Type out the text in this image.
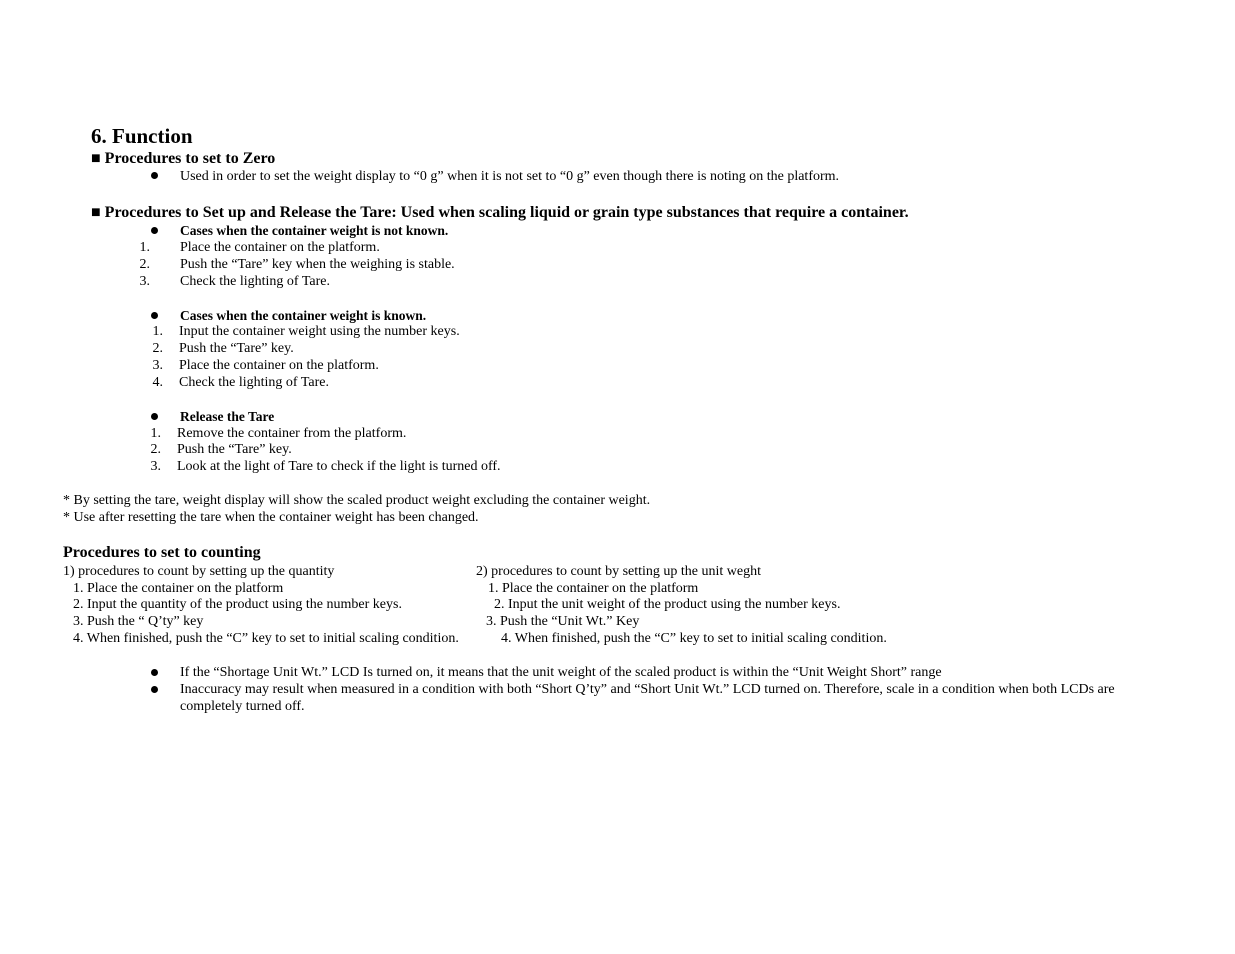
6. Function
■ Procedures to set to Zero
Used in order to set the weight display to “0 g” when it is not set to “0 g” even though there is noting on the platform.
■ Procedures to Set up and Release the Tare: Used when scaling liquid or grain type substances that require a container.
Cases when the container weight is not known.
1. Place the container on the platform.
2. Push the “Tare” key when the weighing is stable.
3. Check the lighting of Tare.
Cases when the container weight is known.
1. Input the container weight using the number keys.
2. Push the “Tare” key.
3. Place the container on the platform.
4. Check the lighting of Tare.
Release the Tare
1. Remove the container from the platform.
2. Push the “Tare” key.
3. Look at the light of Tare to check if the light is turned off.
* By setting the tare, weight display will show the scaled product weight excluding the container weight.
* Use after resetting the tare when the container weight has been changed.
Procedures to set to counting
1) procedures to count by setting up the quantity
1. Place the container on the platform
2. Input the quantity of the product using the number keys.
3. Push the “ Q’ty” key
4. When finished, push the “C” key to set to initial scaling condition.
2) procedures to count by setting up the unit weght
1. Place the container on the platform
2. Input the unit weight of the product using the number keys.
3. Push the “Unit Wt.” Key
4. When finished, push the “C” key to set to initial scaling condition.
If the “Shortage Unit Wt.” LCD Is turned on, it means that the unit weight of the scaled product is within the “Unit Weight Short” range
Inaccuracy may result when measured in a condition with both “Short Q’ty” and “Short Unit Wt.” LCD turned on. Therefore, scale in a condition when both LCDs are
completely turned off.
